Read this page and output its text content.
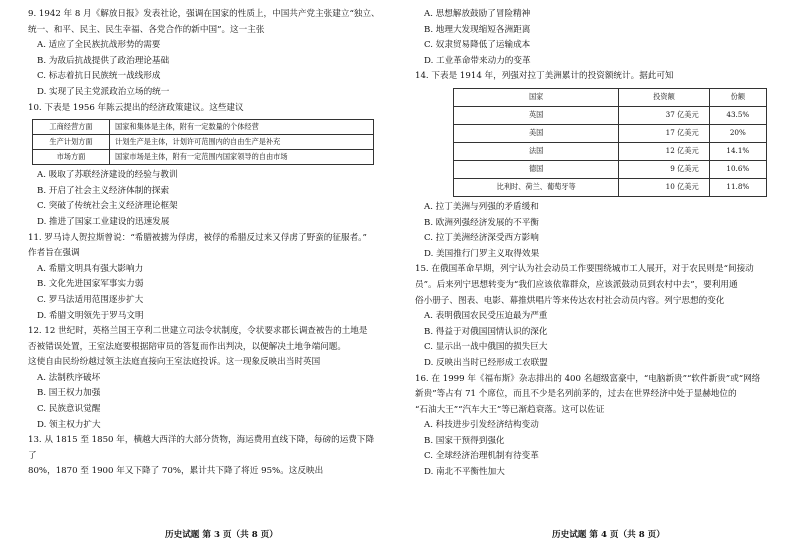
9. 1942 年 8 月《解放日报》发表社论，强调在国家的性质上，中国共产党主张建立“独立、
统一、和平、民主、民生幸福、各党合作的新中国”。这一主张
A. 适应了全民族抗战形势的需要
B. 为敌后抗战提供了政治理论基础
C. 标志着抗日民族统一战线形成
D. 实现了民主党派政治立场的统一
10. 下表是 1956 年陈云提出的经济政策建议。这些建议
工商经营方面	国家和集体是主体，附有一定数量的个体经营
生产计划方面	计划生产是主体，计划许可范围内的自由生产是补充
市场方面	国家市场是主体，附有一定范围内国家领导的自由市场
A. 吸取了苏联经济建设的经验与教训
B. 开启了社会主义经济体制的探索
C. 突破了传统社会主义经济理论框架
D. 推进了国家工业建设的迅速发展
11. 罗马诗人贺拉斯曾说：“希腊被掳为俘虏，被俘的希腊反过来又俘虏了野蛮的征服者。”
作者旨在强调
A. 希腊文明具有强大影响力
B. 文化先进国家军事实力弱
C. 罗马法适用范围逐步扩大
D. 希腊文明领先于罗马文明
12. 12 世纪时，英格兰国王亨利二世建立司法令状制度，令状要求郡长调查被告的土地是
否被错误处置，王室法庭要根据陪审员的答复而作出判决，以便解决土地争端问题。
这使自由民纷纷越过领主法庭直接向王室法庭投诉。这一现象反映出当时英国
A. 法制秩序破坏
B. 国王权力加强
C. 民族意识觉醒
D. 领主权力扩大
13. 从 1815 至 1850 年，横越大西洋的大部分货物，海运费用直线下降，每磅的运费下降了
80%，1870 至 1900 年又下降了 70%，累计共下降了将近 95%。这反映出
历史试题 第 3 页（共 8 页）
A. 思想解放鼓励了冒险精神
B. 地理大发现缩短各洲距离
C. 奴隶贸易降低了运输成本
D. 工业革命带来动力的变革
14. 下表是 1914 年，列强对拉丁美洲累计的投资额统计。据此可知
国家	投资额	份额
英国	37 亿美元	43.5%
美国	17 亿美元	20%
法国	12 亿美元	14.1%
德国	9 亿美元	10.6%
比利时、荷兰、葡萄牙等	10 亿美元	11.8%
A. 拉丁美洲与列强的矛盾缓和
B. 欧洲列强经济发展的不平衡
C. 拉丁美洲经济深受西方影响
D. 美国推行门罗主义取得效果
15. 在俄国革命早期，列宁认为社会动员工作要围绕城市工人展开，对于农民则是“间接动
员”。后来列宁思想转变为“我们应该依靠群众，应该派鼓动员到农村中去”，要利用通
俗小册子、图表、电影、幕推烘唱片等来传达农村社会动员内容。列宁思想的变化
A. 表明俄国农民受压迫最为严重
B. 得益于对俄国国情认识的深化
C. 显示出一战中俄国的损失巨大
D. 反映出当时已经形成工农联盟
16. 在 1999 年《福布斯》杂志排出的 400 名超级富豪中，“电脑新贵”“软件新贵”或“网络
新贵”等占有 71 个席位，而且不少是名列前茅的，过去在世界经济中处于显赫地位的
“石油大王”“汽车大王”等已渐趋衰落。这可以佐证
A. 科技进步引发经济结构变动
B. 国家干预得到强化
C. 全球经济治理机制有待变革
D. 南北不平衡性加大
历史试题 第 4 页（共 8 页）
